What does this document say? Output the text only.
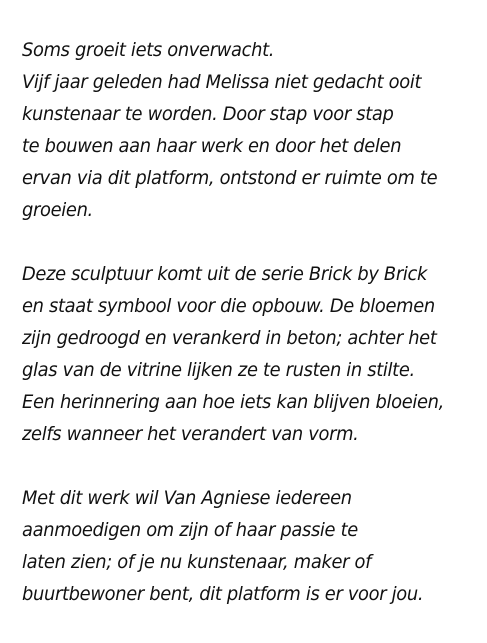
Soms groeit iets onverwacht.
Vijf jaar geleden had Melissa niet gedacht ooit
kunstenaar te worden. Door stap voor stap
te bouwen aan haar werk en door het delen
ervan via dit platform, ontstond er ruimte om te
groeien.

Deze sculptuur komt uit de serie Brick by Brick
en staat symbool voor die opbouw. De bloemen
zijn gedroogd en verankerd in beton; achter het
glas van de vitrine lijken ze te rusten in stilte.
Een herinnering aan hoe iets kan blijven bloeien,
zelfs wanneer het verandert van vorm.

Met dit werk wil Van Agniese iedereen
aanmoedigen om zijn of haar passie te
laten zien; of je nu kunstenaar, maker of
buurtbewoner bent, dit platform is er voor jou.
